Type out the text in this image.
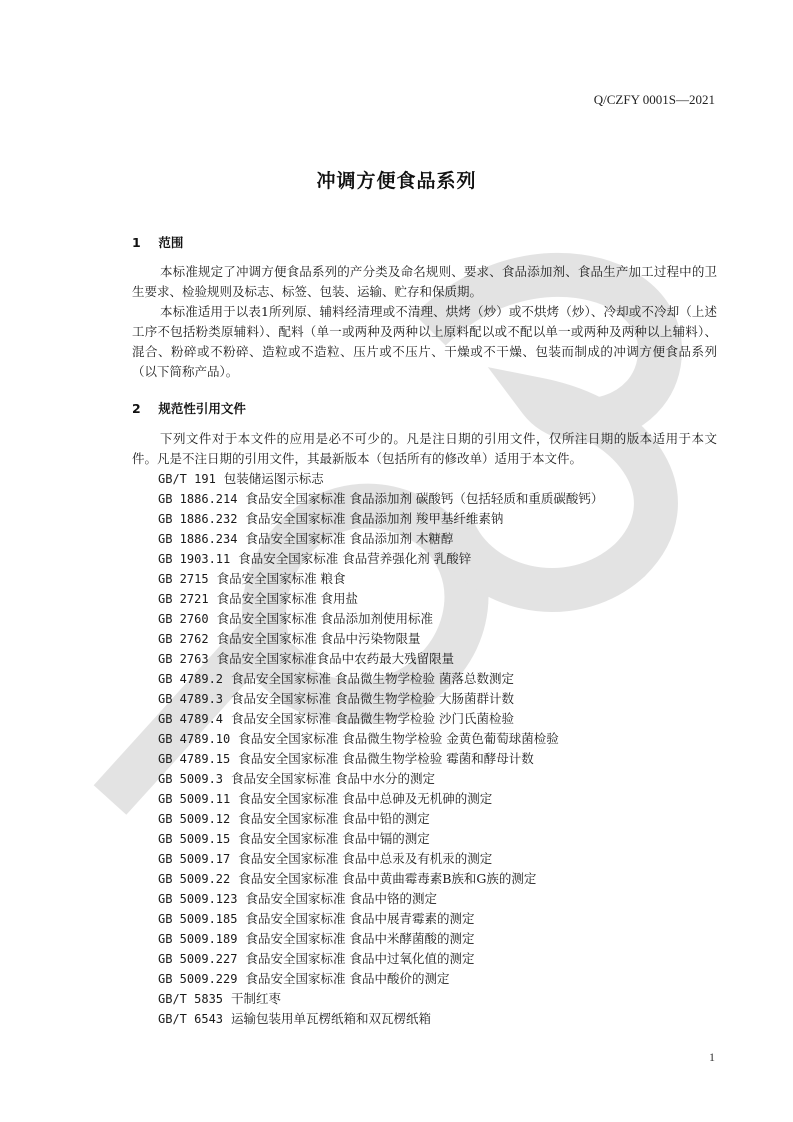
Q/CZFY 0001S—2021
冲调方便食品系列
1 范围

本标准规定了冲调方便食品系列的产分类及命名规则、要求、食品添加剂、食品生产加工过程中的卫生要求、检验规则及标志、标签、包装、运输、贮存和保质期。

本标准适用于以表1所列原、辅料经清理或不清理、烘烤（炒）或不烘烤（炒）、冷却或不冷却（上述工序不包括粉类原辅料）、配料（单一或两种及两种以上原料配以或不配以单一或两种及两种以上辅料）、混合、粉碎或不粉碎、造粒或不造粒、压片或不压片、干燥或不干燥、包装而制成的冲调方便食品系列（以下简称产品）。

2 规范性引用文件

下列文件对于本文件的应用是必不可少的。凡是注日期的引用文件，仅所注日期的版本适用于本文件。凡是不注日期的引用文件，其最新版本（包括所有的修改单）适用于本文件。

GB/T 191 包装储运图示标志
GB 1886.214 食品安全国家标准 食品添加剂 碳酸钙（包括轻质和重质碳酸钙）
GB 1886.232 食品安全国家标准 食品添加剂 羧甲基纤维素钠
GB 1886.234 食品安全国家标准 食品添加剂 木糖醇
GB 1903.11 食品安全国家标准 食品营养强化剂 乳酸锌
GB 2715 食品安全国家标准 粮食
GB 2721 食品安全国家标准 食用盐
GB 2760 食品安全国家标准 食品添加剂使用标准
GB 2762 食品安全国家标准 食品中污染物限量
GB 2763 食品安全国家标准食品中农药最大残留限量
GB 4789.2 食品安全国家标准 食品微生物学检验 菌落总数测定
GB 4789.3 食品安全国家标准 食品微生物学检验 大肠菌群计数
GB 4789.4 食品安全国家标准 食品微生物学检验 沙门氏菌检验
GB 4789.10 食品安全国家标准 食品微生物学检验 金黄色葡萄球菌检验
GB 4789.15 食品安全国家标准 食品微生物学检验 霉菌和酵母计数
GB 5009.3 食品安全国家标准 食品中水分的测定
GB 5009.11 食品安全国家标准 食品中总砷及无机砷的测定
GB 5009.12 食品安全国家标准 食品中铅的测定
GB 5009.15 食品安全国家标准 食品中镉的测定
GB 5009.17 食品安全国家标准 食品中总汞及有机汞的测定
GB 5009.22 食品安全国家标准 食品中黄曲霉毒素B族和G族的测定
GB 5009.123 食品安全国家标准 食品中铬的测定
GB 5009.185 食品安全国家标准 食品中展青霉素的测定
GB 5009.189 食品安全国家标准 食品中米酵菌酸的测定
GB 5009.227 食品安全国家标准 食品中过氧化值的测定
GB 5009.229 食品安全国家标准 食品中酸价的测定
GB/T 5835 干制红枣
GB/T 6543 运输包装用单瓦楞纸箱和双瓦楞纸箱
1
